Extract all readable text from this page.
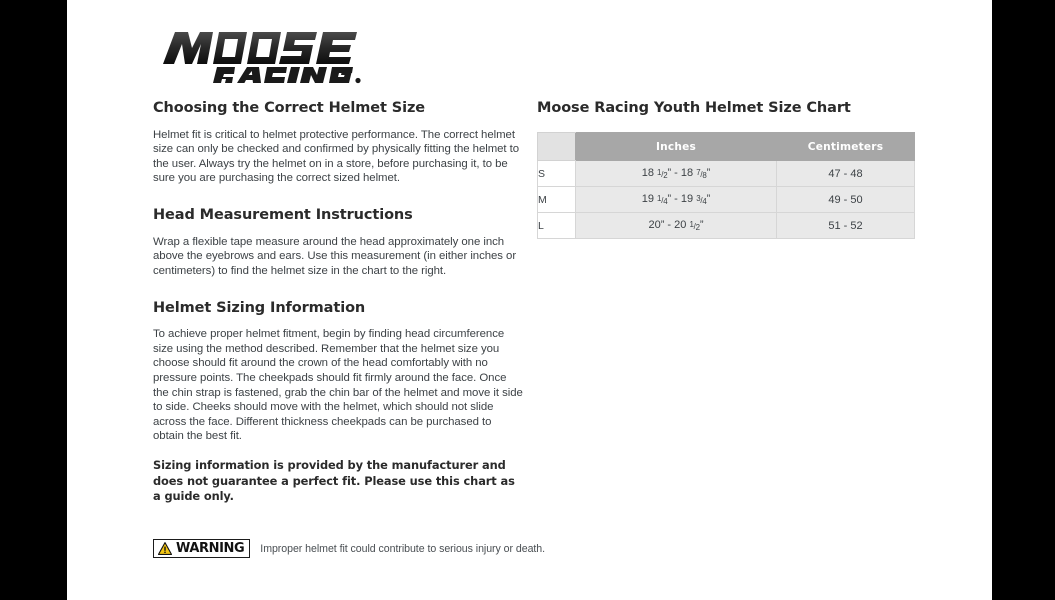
Choosing the Correct Helmet Size

Helmet fit is critical to helmet protective performance. The correct helmet size can only be checked and confirmed by physically fitting the helmet to the user. Always try the helmet on in a store, before purchasing it, to be sure you are purchasing the correct sized helmet.

Head Measurement Instructions

Wrap a flexible tape measure around the head approximately one inch above the eyebrows and ears. Use this measurement (in either inches or centimeters) to find the helmet size in the chart to the right.

Helmet Sizing Information

To achieve proper helmet fitment, begin by finding head circumference size using the method described. Remember that the helmet size you choose should fit around the crown of the head comfortably with no pressure points. The cheekpads should fit firmly around the face. Once the chin strap is fastened, grab the chin bar of the helmet and move it side to side. Cheeks should move with the helmet, which should not slide across the face. Different thickness cheekpads can be purchased to obtain the best fit.

Sizing information is provided by the manufacturer and does not guarantee a perfect fit. Please use this chart as a guide only.

Moose Racing Youth Helmet Size Chart
	Inches	Centimeters
S	18 1/2” - 18 7/8”	47 - 48
M	19 1/4” - 19 3/4”	49 - 50
L	20” - 20 1/2”	51 - 52
WARNING Improper helmet fit could contribute to serious injury or death.
